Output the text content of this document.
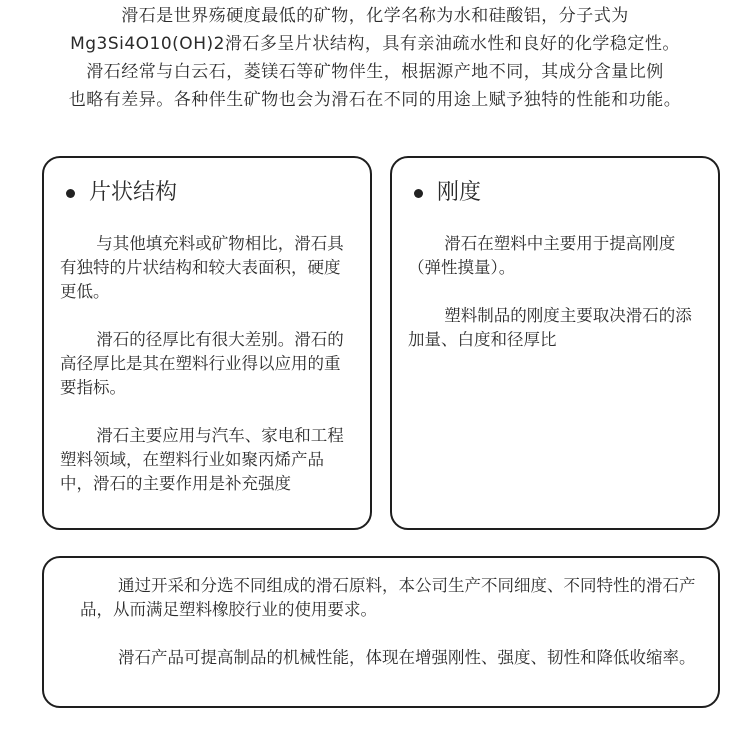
滑石是世界殇硬度最低的矿物，化学名称为水和硅酸铝，分子式为

Mg3Si4O10(OH)2滑石多呈片状结构，具有亲油疏水性和良好的化学稳定性。

滑石经常与白云石，菱镁石等矿物伴生，根据源产地不同，其成分含量比例

也略有差异。各种伴生矿物也会为滑石在不同的用途上赋予独特的性能和功能。

片状结构

与其他填充料或矿物相比，滑石具有独特的片状结构和较大表面积，硬度更低。

滑石的径厚比有很大差别。滑石的高径厚比是其在塑料行业得以应用的重要指标。

滑石主要应用与汽车、家电和工程塑料领域，在塑料行业如聚丙烯产品中，滑石的主要作用是补充强度

刚度

滑石在塑料中主要用于提高刚度（弹性摸量）。

塑料制品的刚度主要取决滑石的添加量、白度和径厚比

通过开采和分选不同组成的滑石原料，本公司生产不同细度、不同特性的滑石产品，从而满足塑料橡胶行业的使用要求。

滑石产品可提高制品的机械性能，体现在增强刚性、强度、韧性和降低收缩率。
